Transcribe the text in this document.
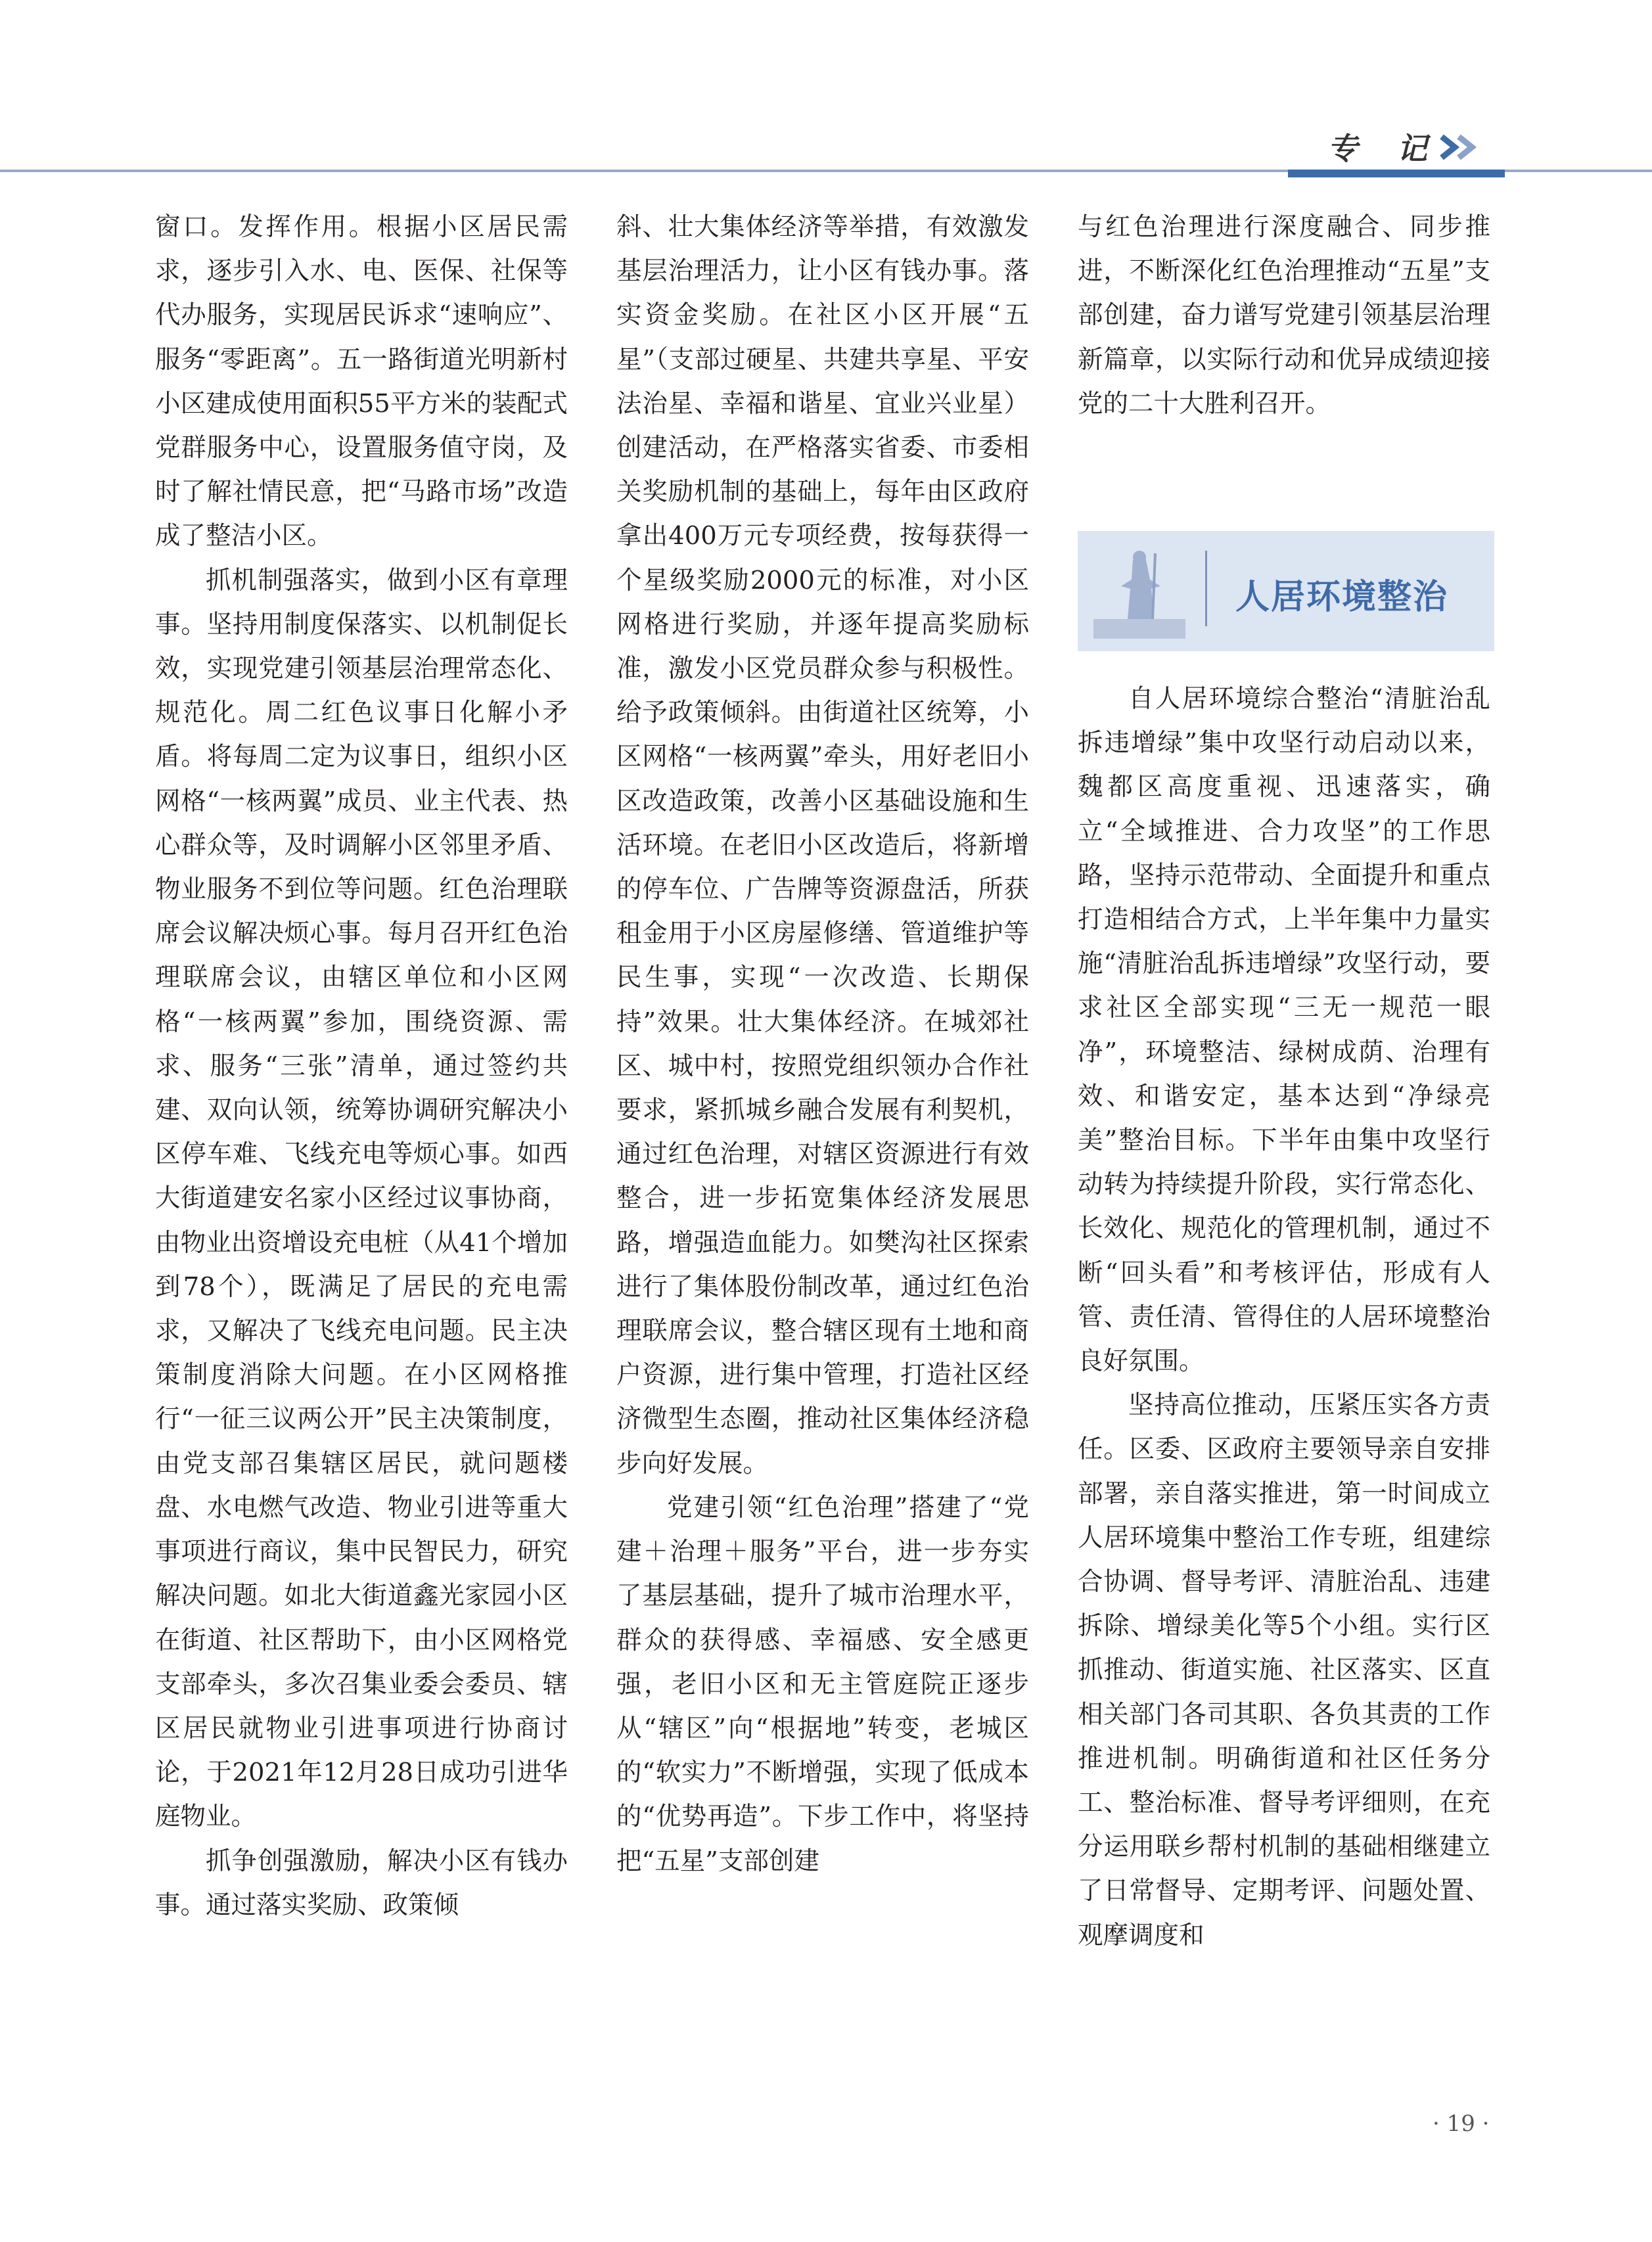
专 记

窗口。发挥作用。根据小区居民需求，逐步引入水、电、医保、社保等代办服务，实现居民诉求“速响应”、服务“零距离”。五一路街道光明新村小区建成使用面积55平方米的装配式党群服务中心，设置服务值守岗，及时了解社情民意，把“马路市场”改造成了整洁小区。

抓机制强落实，做到小区有章理事。坚持用制度保落实、以机制促长效，实现党建引领基层治理常态化、规范化。周二红色议事日化解小矛盾。将每周二定为议事日，组织小区网格“一核两翼”成员、业主代表、热心群众等，及时调解小区邻里矛盾、物业服务不到位等问题。红色治理联席会议解决烦心事。每月召开红色治理联席会议，由辖区单位和小区网格“一核两翼”参加，围绕资源、需求、服务“三张”清单，通过签约共建、双向认领，统筹协调研究解决小区停车难、飞线充电等烦心事。如西大街道建安名家小区经过议事协商，由物业出资增设充电桩（从41个增加到78个），既满足了居民的充电需求，又解决了飞线充电问题。民主决策制度消除大问题。在小区网格推行“一征三议两公开”民主决策制度，由党支部召集辖区居民，就问题楼盘、水电燃气改造、物业引进等重大事项进行商议，集中民智民力，研究解决问题。如北大街道鑫光家园小区在街道、社区帮助下，由小区网格党支部牵头，多次召集业委会委员、辖区居民就物业引进事项进行协商讨论，于2021年12月28日成功引进华庭物业。

抓争创强激励，解决小区有钱办事。通过落实奖励、政策倾

斜、壮大集体经济等举措，有效激发基层治理活力，让小区有钱办事。落实资金奖励。在社区小区开展“五星”（支部过硬星、共建共享星、平安法治星、幸福和谐星、宜业兴业星）创建活动，在严格落实省委、市委相关奖励机制的基础上，每年由区政府拿出400万元专项经费，按每获得一个星级奖励2000元的标准，对小区网格进行奖励，并逐年提高奖励标准，激发小区党员群众参与积极性。给予政策倾斜。由街道社区统筹，小区网格“一核两翼”牵头，用好老旧小区改造政策，改善小区基础设施和生活环境。在老旧小区改造后，将新增的停车位、广告牌等资源盘活，所获租金用于小区房屋修缮、管道维护等民生事，实现“一次改造、长期保持”效果。壮大集体经济。在城郊社区、城中村，按照党组织领办合作社要求，紧抓城乡融合发展有利契机，通过红色治理，对辖区资源进行有效整合，进一步拓宽集体经济发展思路，增强造血能力。如樊沟社区探索进行了集体股份制改革，通过红色治理联席会议，整合辖区现有土地和商户资源，进行集中管理，打造社区经济微型生态圈，推动社区集体经济稳步向好发展。

党建引领“红色治理”搭建了“党建＋治理＋服务”平台，进一步夯实了基层基础，提升了城市治理水平，群众的获得感、幸福感、安全感更强，老旧小区和无主管庭院正逐步从“辖区”向“根据地”转变，老城区的“软实力”不断增强，实现了低成本的“优势再造”。下步工作中，将坚持把“五星”支部创建

与红色治理进行深度融合、同步推进，不断深化红色治理推动“五星”支部创建，奋力谱写党建引领基层治理新篇章，以实际行动和优异成绩迎接党的二十大胜利召开。

人居环境整治

自人居环境综合整治“清脏治乱拆违增绿”集中攻坚行动启动以来，魏都区高度重视、迅速落实，确立“全域推进、合力攻坚”的工作思路，坚持示范带动、全面提升和重点打造相结合方式，上半年集中力量实施“清脏治乱拆违增绿”攻坚行动，要求社区全部实现“三无一规范一眼净”，环境整洁、绿树成荫、治理有效、和谐安定，基本达到“净绿亮美”整治目标。下半年由集中攻坚行动转为持续提升阶段，实行常态化、长效化、规范化的管理机制，通过不断“回头看”和考核评估，形成有人管、责任清、管得住的人居环境整治良好氛围。

坚持高位推动，压紧压实各方责任。区委、区政府主要领导亲自安排部署，亲自落实推进，第一时间成立人居环境集中整治工作专班，组建综合协调、督导考评、清脏治乱、违建拆除、增绿美化等5个小组。实行区抓推动、街道实施、社区落实、区直相关部门各司其职、各负其责的工作推进机制。明确街道和社区任务分工、整治标准、督导考评细则，在充分运用联乡帮村机制的基础相继建立了日常督导、定期考评、问题处置、观摩调度和

· 19 ·
